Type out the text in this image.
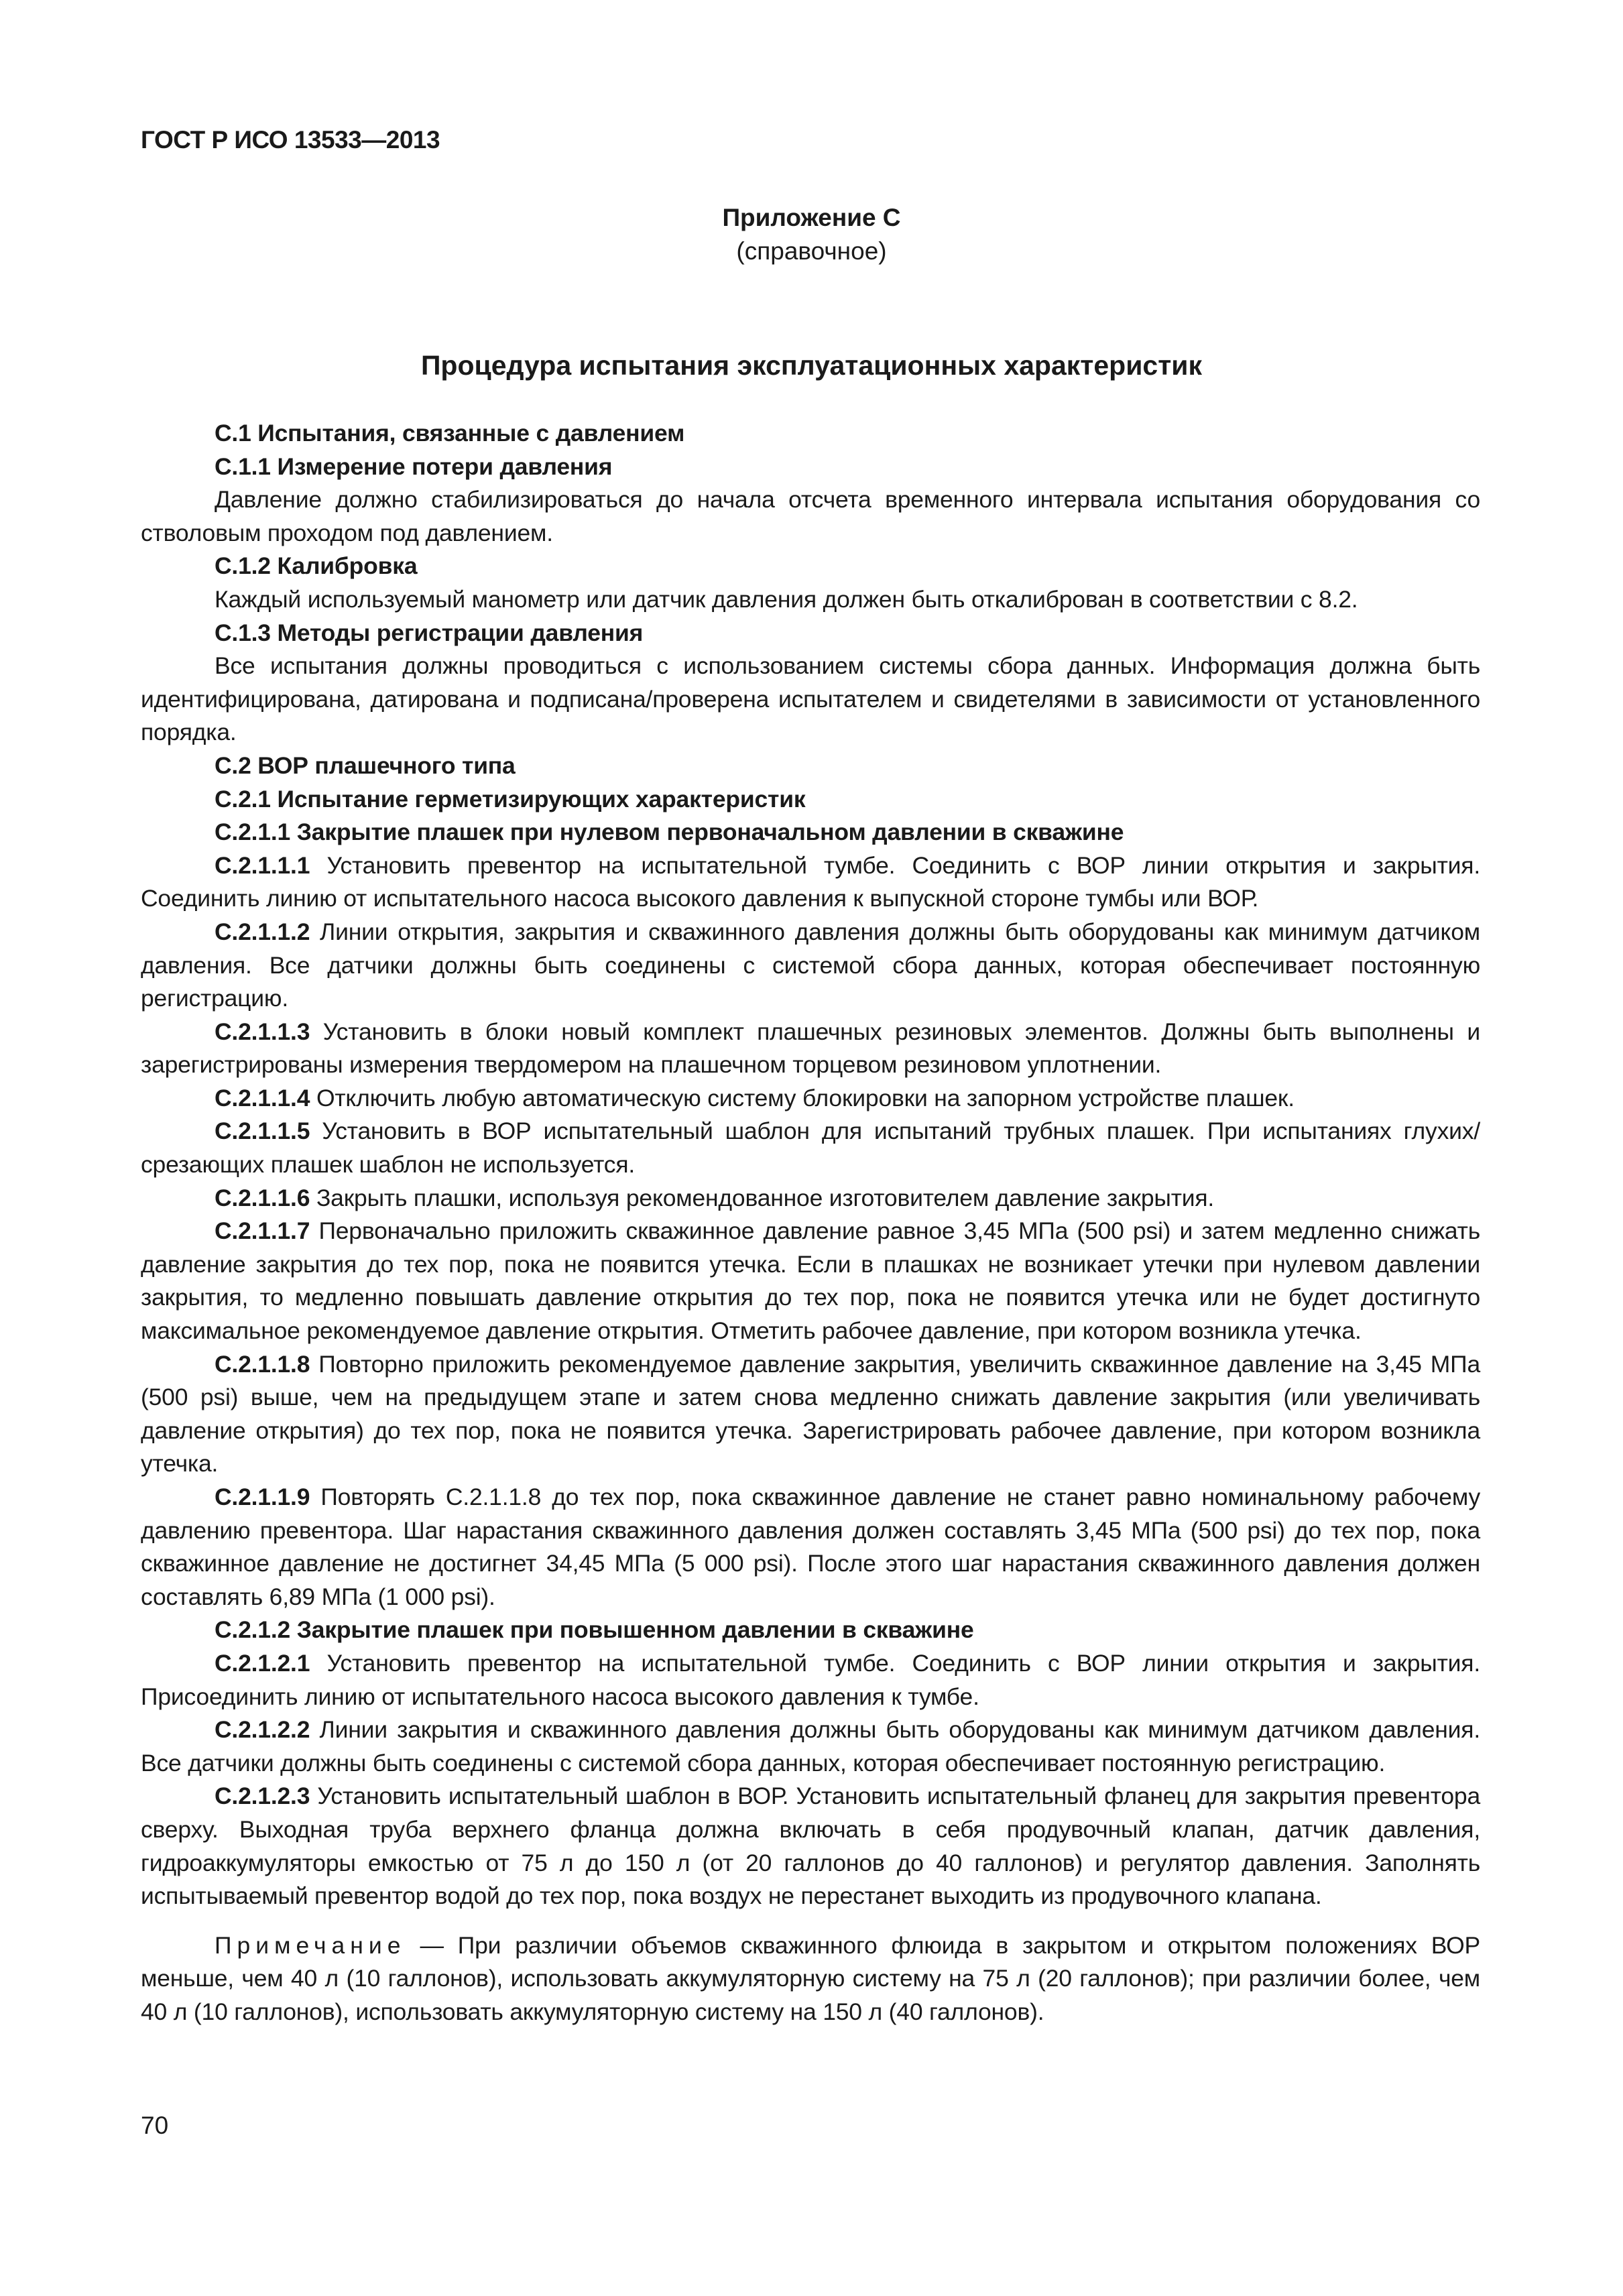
ГОСТ Р ИСО 13533—2013
Приложение С
(справочное)
Процедура испытания эксплуатационных характеристик

С.1 Испытания, связанные с давлением

С.1.1 Измерение потери давления

Давление должно стабилизироваться до начала отсчета временного интервала испытания оборудования со стволовым проходом под давлением.

С.1.2 Калибровка

Каждый используемый манометр или датчик давления должен быть откалиброван в соответствии с 8.2.

С.1.3 Методы регистрации давления

Все испытания должны проводиться с использованием системы сбора данных. Информация должна быть идентифицирована, датирована и подписана/проверена испытателем и свидетелями в зависимости от установленного порядка.

С.2 ВОР плашечного типа

С.2.1 Испытание герметизирующих характеристик

С.2.1.1 Закрытие плашек при нулевом первоначальном давлении в скважине

С.2.1.1.1 Установить превентор на испытательной тумбе. Соединить с ВОР линии открытия и закрытия. Соединить линию от испытательного насоса высокого давления к выпускной стороне тумбы или ВОР.

С.2.1.1.2 Линии открытия, закрытия и скважинного давления должны быть оборудованы как минимум датчиком давления. Все датчики должны быть соединены с системой сбора данных, которая обеспечивает постоянную регистрацию.

С.2.1.1.3 Установить в блоки новый комплект плашечных резиновых элементов. Должны быть выполнены и зарегистрированы измерения твердомером на плашечном торцевом резиновом уплотнении.

С.2.1.1.4 Отключить любую автоматическую систему блокировки на запорном устройстве плашек.

С.2.1.1.5 Установить в ВОР испытательный шаблон для испытаний трубных плашек. При испытаниях глухих/срезающих плашек шаблон не используется.

С.2.1.1.6 Закрыть плашки, используя рекомендованное изготовителем давление закрытия.

С.2.1.1.7 Первоначально приложить скважинное давление равное 3,45 МПа (500 psi) и затем медленно снижать давление закрытия до тех пор, пока не появится утечка. Если в плашках не возникает утечки при нулевом давлении закрытия, то медленно повышать давление открытия до тех пор, пока не появится утечка или не будет достигнуто максимальное рекомендуемое давление открытия. Отметить рабочее давление, при котором возникла утечка.

С.2.1.1.8 Повторно приложить рекомендуемое давление закрытия, увеличить скважинное давление на 3,45 МПа (500 psi) выше, чем на предыдущем этапе и затем снова медленно снижать давление закрытия (или увеличивать давление открытия) до тех пор, пока не появится утечка. Зарегистрировать рабочее давление, при котором возникла утечка.

С.2.1.1.9 Повторять С.2.1.1.8 до тех пор, пока скважинное давление не станет равно номинальному рабочему давлению превентора. Шаг нарастания скважинного давления должен составлять 3,45 МПа (500 psi) до тех пор, пока скважинное давление не достигнет 34,45 МПа (5 000 psi). После этого шаг нарастания скважинного давления должен составлять 6,89 МПа (1 000 psi).

С.2.1.2 Закрытие плашек при повышенном давлении в скважине

С.2.1.2.1 Установить превентор на испытательной тумбе. Соединить с ВОР линии открытия и закрытия. Присоединить линию от испытательного насоса высокого давления к тумбе.

С.2.1.2.2 Линии закрытия и скважинного давления должны быть оборудованы как минимум датчиком давления. Все датчики должны быть соединены с системой сбора данных, которая обеспечивает постоянную регистрацию.

С.2.1.2.3 Установить испытательный шаблон в ВОР. Установить испытательный фланец для закрытия превентора сверху. Выходная труба верхнего фланца должна включать в себя продувочный клапан, датчик давления, гидроаккумуляторы емкостью от 75 л до 150 л (от 20 галлонов до 40 галлонов) и регулятор давления. Заполнять испытываемый превентор водой до тех пор, пока воздух не перестанет выходить из продувочного клапана.

Примечание — При различии объемов скважинного флюида в закрытом и открытом положениях ВОР меньше, чем 40 л (10 галлонов), использовать аккумуляторную систему на 75 л (20 галлонов); при различии более, чем 40 л (10 галлонов), использовать аккумуляторную систему на 150 л (40 галлонов).

70
